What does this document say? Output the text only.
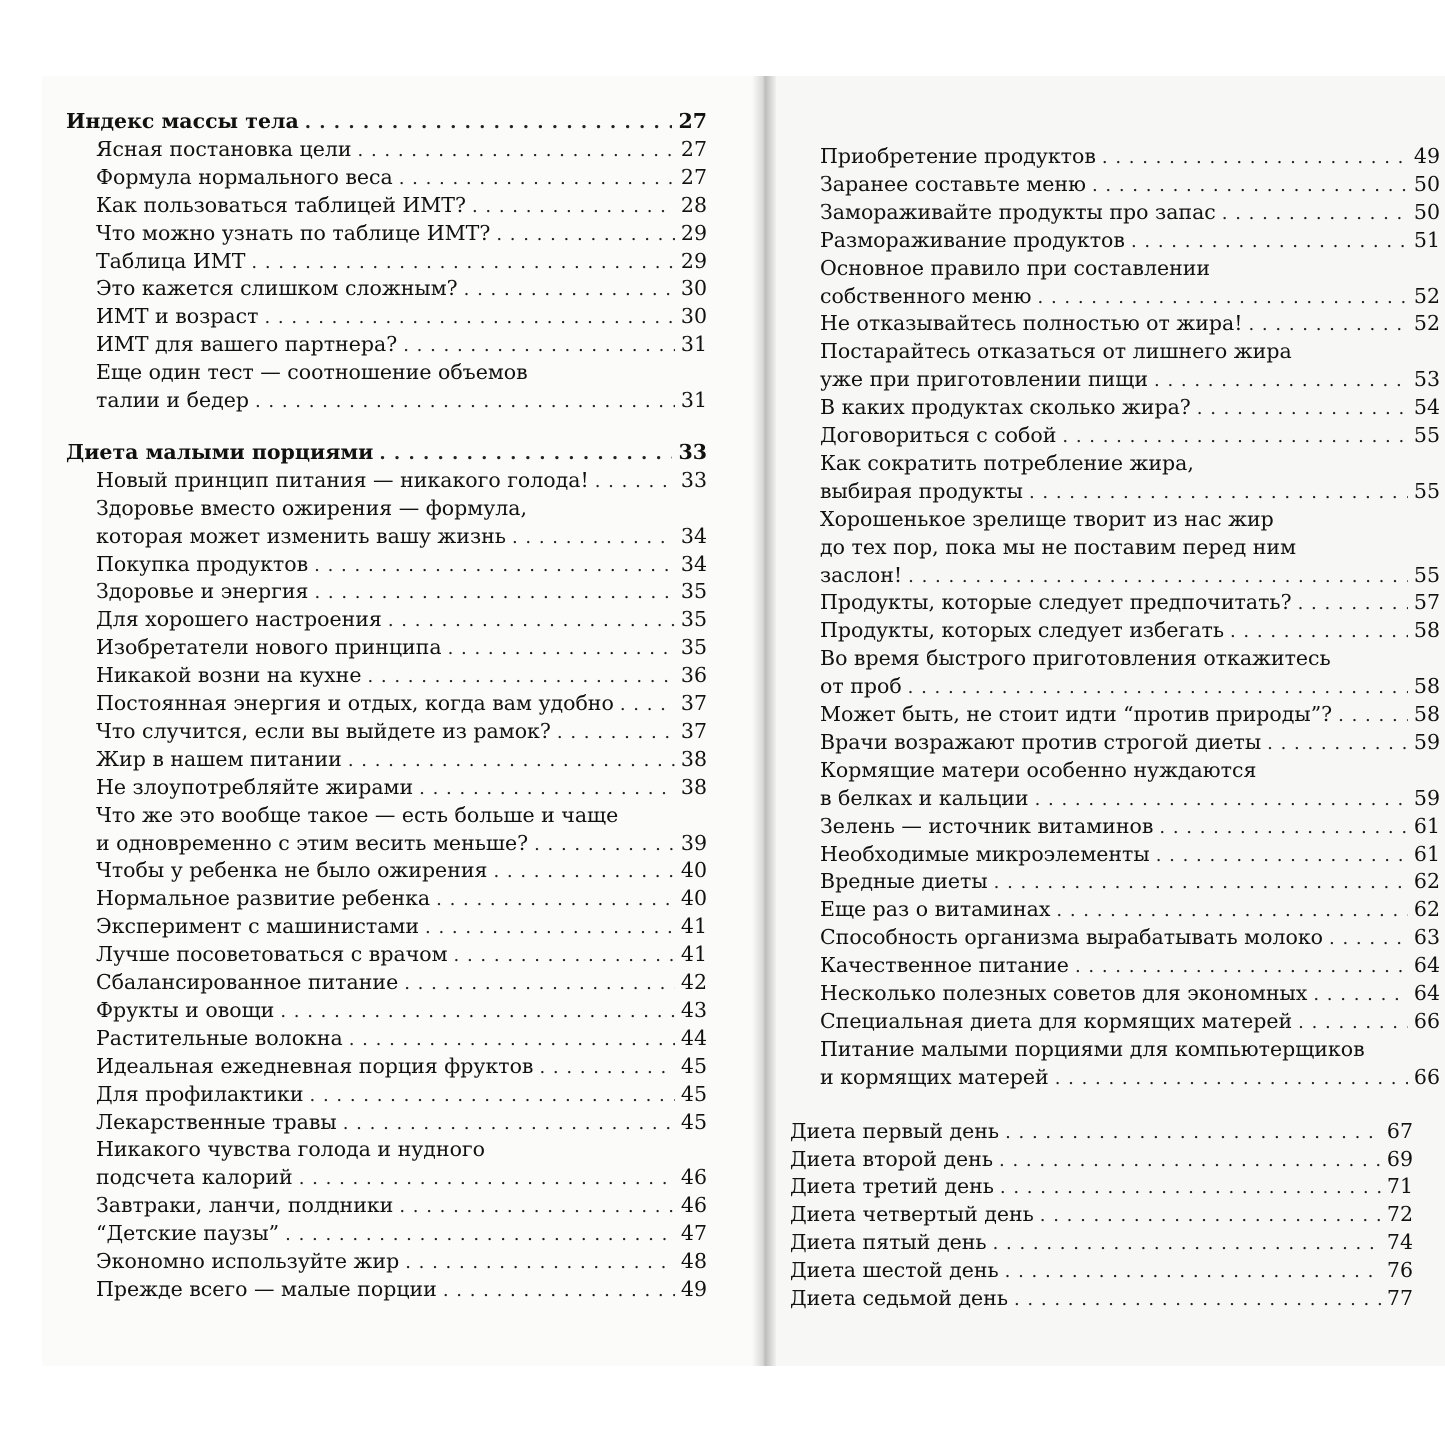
Индекс массы тела . . .	27
Ясная постановка цели . . .	27
Формула нормального веса . . .	27
Как пользоваться таблицей ИМТ? . . .	28
Что можно узнать по таблице ИМТ? . . .	29
Таблица ИМТ . . .	29
Это кажется слишком сложным? . . .	30
ИМТ и возраст . . .	30
ИМТ для вашего партнера? . . .	31
Еще один тест — соотношение объемов
талии и бедер . . .	31
Диета малыми порциями . . .	33
Новый принцип питания — никакого голода! . . .	33
Здоровье вместо ожирения — формула,
которая может изменить вашу жизнь . . .	34
Покупка продуктов . . .	34
Здоровье и энергия . . .	35
Для хорошего настроения . . .	35
Изобретатели нового принципа . . .	35
Никакой возни на кухне . . .	36
Постоянная энергия и отдых, когда вам удобно . . .	37
Что случится, если вы выйдете из рамок? . . .	37
Жир в нашем питании . . .	38
Не злоупотребляйте жирами . . .	38
Что же это вообще такое — есть больше и чаще
и одновременно с этим весить меньше? . . .	39
Чтобы у ребенка не было ожирения . . .	40
Нормальное развитие ребенка . . .	40
Эксперимент с машинистами . . .	41
Лучше посоветоваться с врачом . . .	41
Сбалансированное питание . . .	42
Фрукты и овощи . . .	43
Растительные волокна . . .	44
Идеальная ежедневная порция фруктов . . .	45
Для профилактики . . .	45
Лекарственные травы . . .	45
Никакого чувства голода и нудного
подсчета калорий . . .	46
Завтраки, ланчи, полдники . . .	46
“Детские паузы” . . .	47
Экономно используйте жир . . .	48
Прежде всего — малые порции . . .	49
Приобретение продуктов . . .	49
Заранее составьте меню . . .	50
Замораживайте продукты про запас . . .	50
Размораживание продуктов . . .	51
Основное правило при составлении
собственного меню . . .	52
Не отказывайтесь полностью от жира! . . .	52
Постарайтесь отказаться от лишнего жира
уже при приготовлении пищи . . .	53
В каких продуктах сколько жира? . . .	54
Договориться с собой . . .	55
Как сократить потребление жира,
выбирая продукты . . .	55
Хорошенькое зрелище творит из нас жир
до тех пор, пока мы не поставим перед ним
заслон! . . .	55
Продукты, которые следует предпочитать? . . .	57
Продукты, которых следует избегать . . .	58
Во время быстрого приготовления откажитесь
от проб . . .	58
Может быть, не стоит идти “против природы”? . . .	58
Врачи возражают против строгой диеты . . .	59
Кормящие матери особенно нуждаются
в белках и кальции . . .	59
Зелень — источник витаминов . . .	61
Необходимые микроэлементы . . .	61
Вредные диеты . . .	62
Еще раз о витаминах . . .	62
Способность организма вырабатывать молоко . . .	63
Качественное питание . . .	64
Несколько полезных советов для экономных . . .	64
Специальная диета для кормящих матерей . . .	66
Питание малыми порциями для компьютерщиков
и кормящих матерей . . .	66
Диета первый день . . .	67
Диета второй день . . .	69
Диета третий день . . .	71
Диета четвертый день . . .	72
Диета пятый день . . .	74
Диета шестой день . . .	76
Диета седьмой день . . .	77
